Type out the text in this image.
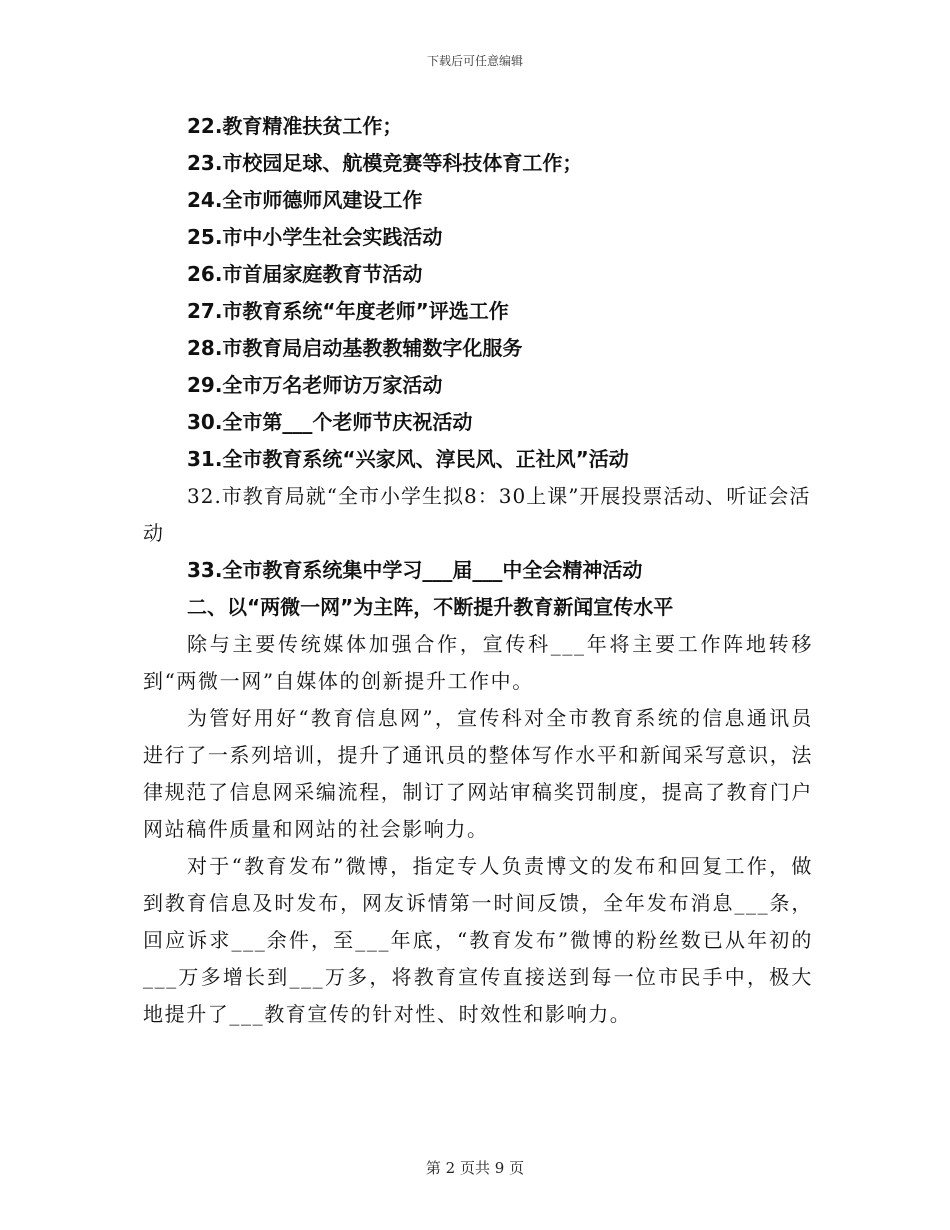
下载后可任意编辑
22.教育精准扶贫工作；
23.市校园足球、航模竞赛等科技体育工作；
24.全市师德师风建设工作
25.市中小学生社会实践活动
26.市首届家庭教育节活动
27.市教育系统“年度老师”评选工作
28.市教育局启动基教教辅数字化服务
29.全市万名老师访万家活动
30.全市第___个老师节庆祝活动
31.全市教育系统“兴家风、淳民风、正社风”活动
32.市教育局就“全市小学生拟8：30上课”开展投票活动、听证会活动
33.全市教育系统集中学习___届___中全会精神活动
二、以“两微一网”为主阵，不断提升教育新闻宣传水平
除与主要传统媒体加强合作，宣传科___年将主要工作阵地转移到“两微一网”自媒体的创新提升工作中。
为管好用好“教育信息网”，宣传科对全市教育系统的信息通讯员进行了一系列培训，提升了通讯员的整体写作水平和新闻采写意识，法律规范了信息网采编流程，制订了网站审稿奖罚制度，提高了教育门户网站稿件质量和网站的社会影响力。
对于“教育发布”微博，指定专人负责博文的发布和回复工作，做到教育信息及时发布，网友诉情第一时间反馈，全年发布消息___条，回应诉求___余件，至___年底，“教育发布”微博的粉丝数已从年初的___万多增长到___万多，将教育宣传直接送到每一位市民手中，极大地提升了___教育宣传的针对性、时效性和影响力。
第 2 页共 9 页
